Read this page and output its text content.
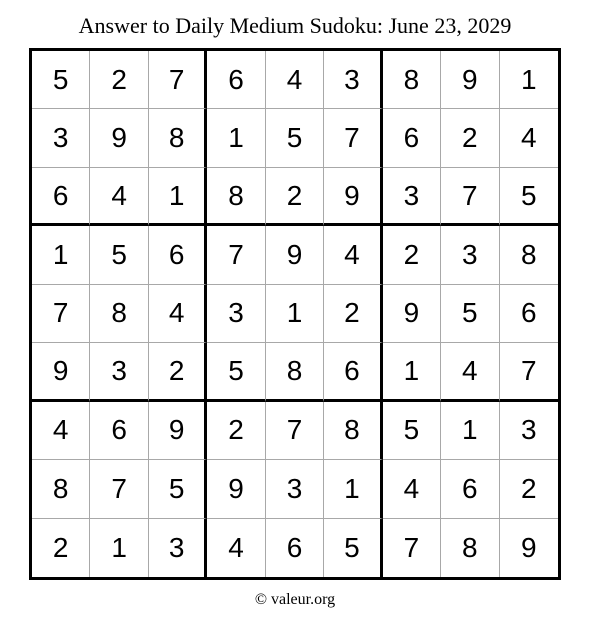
Answer to Daily Medium Sudoku: June 23, 2029
5	2	7	6	4	3	8	9	1
3	9	8	1	5	7	6	2	4
6	4	1	8	2	9	3	7	5
1	5	6	7	9	4	2	3	8
7	8	4	3	1	2	9	5	6
9	3	2	5	8	6	1	4	7
4	6	9	2	7	8	5	1	3
8	7	5	9	3	1	4	6	2
2	1	3	4	6	5	7	8	9
© valeur.org
